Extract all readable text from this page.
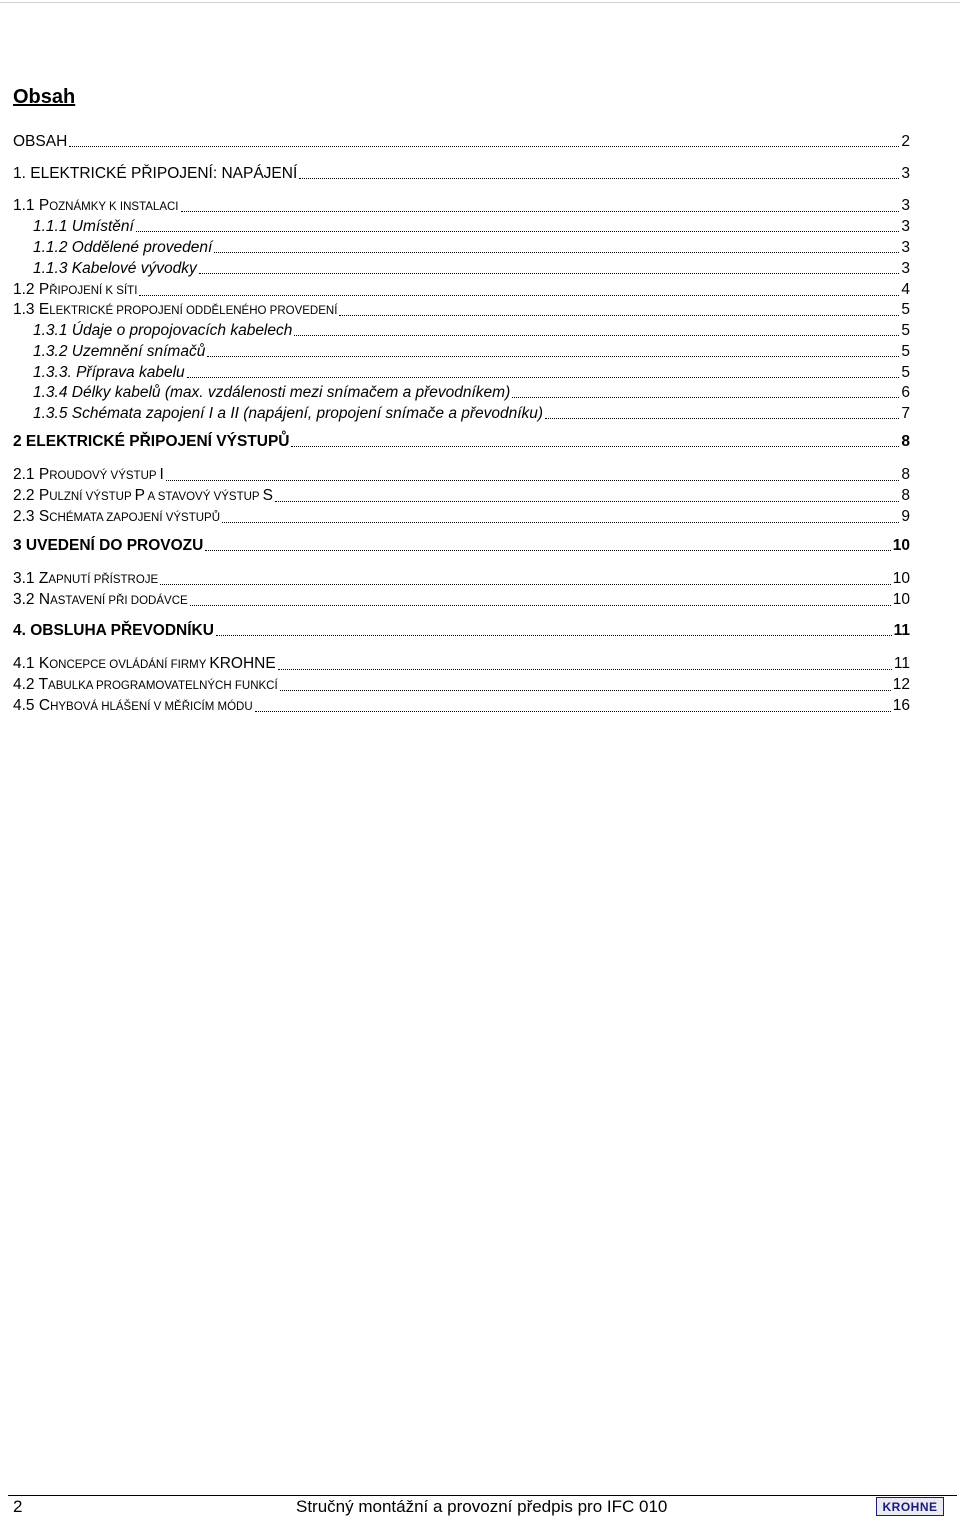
Obsah
OBSAH	2
1. ELEKTRICKÉ PŘIPOJENÍ: NAPÁJENÍ	3
1.1 POZNÁMKY K INSTALACI	3
1.1.1 Umístění	3
1.1.2 Oddělené provedení	3
1.1.3 Kabelové vývodky	3
1.2 PŘIPOJENÍ K SÍTI	4
1.3 ELEKTRICKÉ PROPOJENÍ ODDĚLENÉHO PROVEDENÍ	5
1.3.1 Údaje o propojovacích kabelech	5
1.3.2 Uzemnění snímačů	5
1.3.3. Příprava kabelu	5
1.3.4 Délky kabelů (max. vzdálenosti mezi snímačem a převodníkem)	6
1.3.5 Schémata zapojení I a II (napájení, propojení snímače a převodníku)	7
2 ELEKTRICKÉ PŘIPOJENÍ VÝSTUPŮ	8
2.1 PROUDOVÝ VÝSTUP I	8
2.2 PULZNÍ VÝSTUP P A STAVOVÝ VÝSTUP S	8
2.3 SCHÉMATA ZAPOJENÍ VÝSTUPŮ	9
3 UVEDENÍ DO PROVOZU	10
3.1 ZAPNUTÍ PŘÍSTROJE	10
3.2 NASTAVENÍ PŘI DODÁVCE	10
4. OBSLUHA PŘEVODNÍKU	11
4.1 KONCEPCE OVLÁDÁNÍ FIRMY KROHNE	11
4.2 TABULKA PROGRAMOVATELNÝCH FUNKCÍ	12
4.5 CHYBOVÁ HLÁŠENÍ V MĚŘICÍM MÓDU	16
2	Stručný montážní a provozní předpis pro IFC 010	KROHNE
